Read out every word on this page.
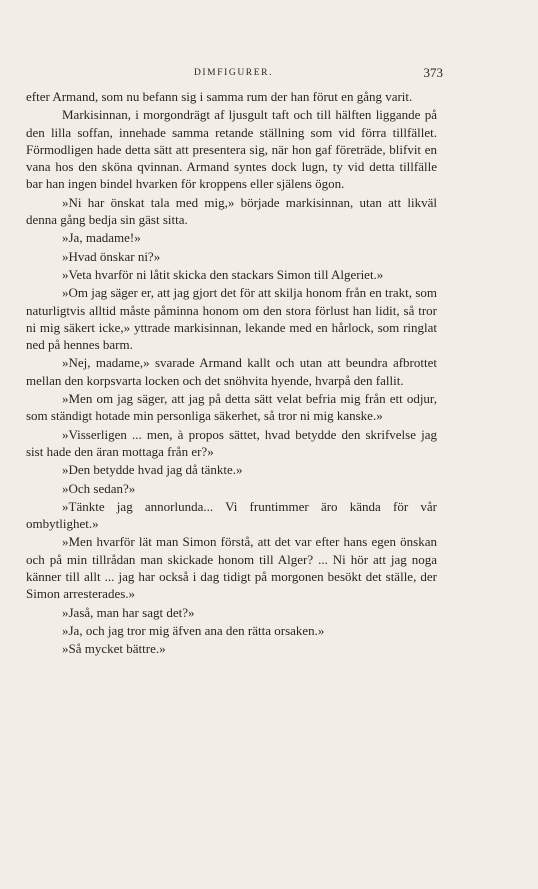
DIMFIGURER.	373

efter Armand, som nu befann sig i samma rum der han förut en gång varit.

Markisinnan, i morgondrägt af ljusgult taft och till hälften liggande på den lilla soffan, innehade samma retande ställning som vid förra tillfället. Förmodligen hade detta sätt att presentera sig, när hon gaf företräde, blifvit en vana hos den sköna qvinnan. Armand syntes dock lugn, ty vid detta tillfälle bar han ingen bindel hvarken för kroppens eller själens ögon.

»Ni har önskat tala med mig,» började markisinnan, utan att likväl denna gång bedja sin gäst sitta.

»Ja, madame!»

»Hvad önskar ni?»

»Veta hvarför ni låtit skicka den stackars Simon till Algeriet.»

»Om jag säger er, att jag gjort det för att skilja honom från en trakt, som naturligtvis alltid måste påminna honom om den stora förlust han lidit, så tror ni mig säkert icke,» yttrade markisinnan, lekande med en hårlock, som ringlat ned på hennes barm.

»Nej, madame,» svarade Armand kallt och utan att beundra afbrottet mellan den korpsvarta locken och det snöhvita hyende, hvarpå den fallit.

»Men om jag säger, att jag på detta sätt velat befria mig från ett odjur, som ständigt hotade min personliga säkerhet, så tror ni mig kanske.»

»Visserligen ... men, à propos sättet, hvad betydde den skrifvelse jag sist hade den äran mottaga från er?»

»Den betydde hvad jag då tänkte.»

»Och sedan?»

»Tänkte jag annorlunda... Vi fruntimmer äro kända för vår ombytlighet.»

»Men hvarför lät man Simon förstå, att det var efter hans egen önskan och på min tillrådan man skickade honom till Alger? ... Ni hör att jag noga känner till allt ... jag har också i dag tidigt på morgonen besökt det ställe, der Simon arresterades.»

»Jaså, man har sagt det?»

»Ja, och jag tror mig äfven ana den rätta orsaken.»

»Så mycket bättre.»
